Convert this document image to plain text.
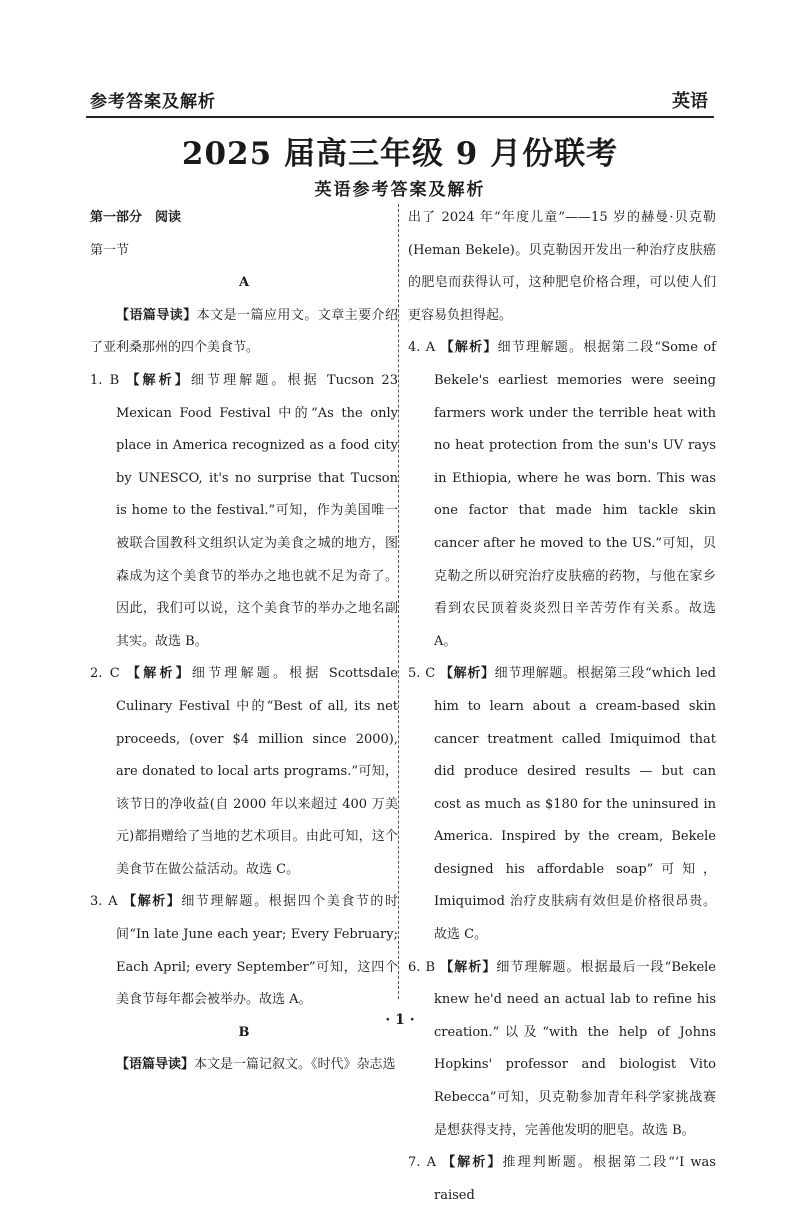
参考答案及解析	英语
2025 届高三年级 9 月份联考
英语参考答案及解析

第一部分　阅读

第一节

A

【语篇导读】本文是一篇应用文。文章主要介绍了亚利桑那州的四个美食节。

1. B 【解析】细节理解题。根据 Tucson 23 Mexican Food Festival 中的“As the only place in America recognized as a food city by UNESCO, it's no surprise that Tucson is home to the festival.”可知，作为美国唯一被联合国教科文组织认定为美食之城的地方，图森成为这个美食节的举办之地也就不足为奇了。因此，我们可以说，这个美食节的举办之地名副其实。故选 B。

2. C 【解析】细节理解题。根据 Scottsdale Culinary Festival 中的“Best of all, its net proceeds, (over $4 million since 2000), are donated to local arts programs.”可知，该节日的净收益(自 2000 年以来超过 400 万美元)都捐赠给了当地的艺术项目。由此可知，这个美食节在做公益活动。故选 C。

3. A 【解析】细节理解题。根据四个美食节的时间“In late June each year; Every February; Each April; every September”可知，这四个美食节每年都会被举办。故选 A。

B

【语篇导读】本文是一篇记叙文。《时代》杂志选

出了 2024 年“年度儿童”——15 岁的赫曼·贝克勒(Heman Bekele)。贝克勒因开发出一种治疗皮肤癌的肥皂而获得认可，这种肥皂价格合理，可以使人们更容易负担得起。

4. A 【解析】细节理解题。根据第二段“Some of Bekele's earliest memories were seeing farmers work under the terrible heat with no heat protection from the sun's UV rays in Ethiopia, where he was born. This was one factor that made him tackle skin cancer after he moved to the US.”可知，贝克勒之所以研究治疗皮肤癌的药物，与他在家乡看到农民顶着炎炎烈日辛苦劳作有关系。故选 A。

5. C 【解析】细节理解题。根据第三段“which led him to learn about a cream-based skin cancer treatment called Imiquimod that did produce desired results — but can cost as much as $180 for the uninsured in America. Inspired by the cream, Bekele designed his affordable soap”可知，Imiquimod 治疗皮肤病有效但是价格很昂贵。故选 C。

6. B 【解析】细节理解题。根据最后一段“Bekele knew he'd need an actual lab to refine his creation.”以及“with the help of Johns Hopkins' professor and biologist Vito Rebecca”可知，贝克勒参加青年科学家挑战赛是想获得支持，完善他发明的肥皂。故选 B。

7. A 【解析】推理判断题。根据第二段“‘I was raised

· 1 ·
